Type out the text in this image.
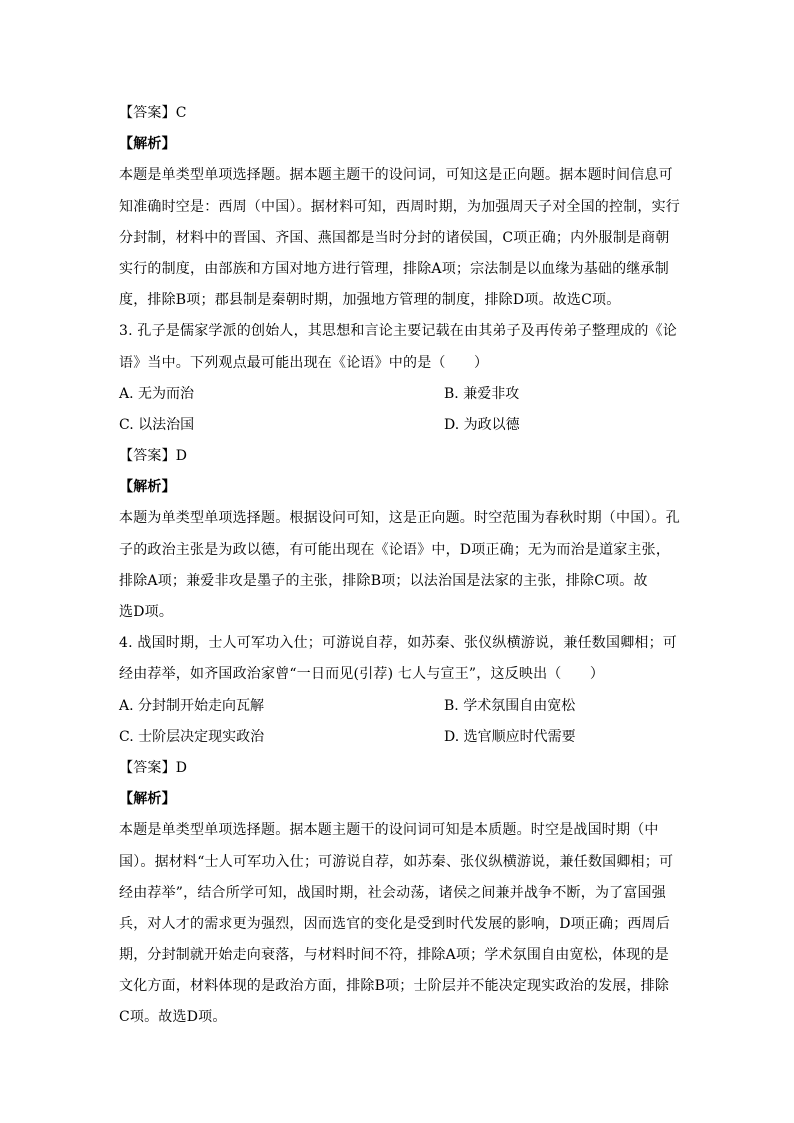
【答案】C
【解析】
本题是单类型单项选择题。据本题主题干的设问词，可知这是正向题。据本题时间信息可
知准确时空是：西周（中国）。据材料可知，西周时期，为加强周天子对全国的控制，实行
分封制，材料中的晋国、齐国、燕国都是当时分封的诸侯国，C项正确；内外服制是商朝
实行的制度，由部族和方国对地方进行管理，排除A项；宗法制是以血缘为基础的继承制
度，排除B项；郡县制是秦朝时期，加强地方管理的制度，排除D项。故选C项。
3. 孔子是儒家学派的创始人，其思想和言论主要记载在由其弟子及再传弟子整理成的《论
语》当中。下列观点最可能出现在《论语》中的是（　　）
A. 无为而治	B. 兼爱非攻
C. 以法治国	D. 为政以德
【答案】D
【解析】
本题为单类型单项选择题。根据设问可知，这是正向题。时空范围为春秋时期（中国）。孔
子的政治主张是为政以德，有可能出现在《论语》中，D项正确；无为而治是道家主张，
排除A项；兼爱非攻是墨子的主张，排除B项；以法治国是法家的主张，排除C项。故
选D项。
4. 战国时期，士人可军功入仕；可游说自荐，如苏秦、张仪纵横游说，兼任数国卿相；可
经由荐举，如齐国政治家曾“一日而见(引荐) 七人与宣王”，这反映出（　　）
A. 分封制开始走向瓦解	B. 学术氛围自由宽松
C. 士阶层决定现实政治	D. 选官顺应时代需要
【答案】D
【解析】
本题是单类型单项选择题。据本题主题干的设问词可知是本质题。时空是战国时期（中
国）。据材料“士人可军功入仕；可游说自荐，如苏秦、张仪纵横游说，兼任数国卿相；可
经由荐举”，结合所学可知，战国时期，社会动荡，诸侯之间兼并战争不断，为了富国强
兵，对人才的需求更为强烈，因而选官的变化是受到时代发展的影响，D项正确；西周后
期，分封制就开始走向衰落，与材料时间不符，排除A项；学术氛围自由宽松，体现的是
文化方面，材料体现的是政治方面，排除B项；士阶层并不能决定现实政治的发展，排除
C项。故选D项。
